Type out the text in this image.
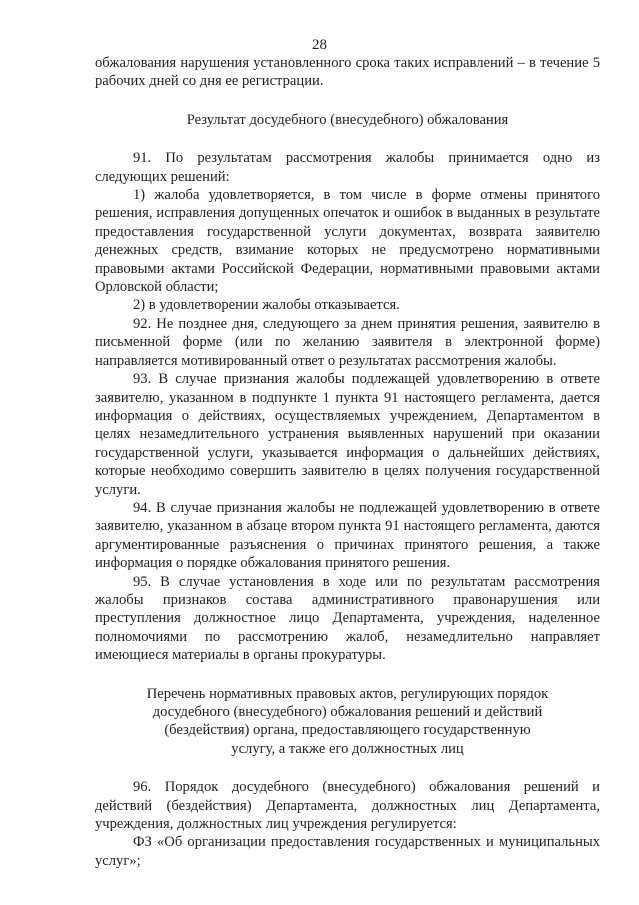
28

обжалования нарушения установленного срока таких исправлений – в течение 5 рабочих дней со дня ее регистрации.

Результат досудебного (внесудебного) обжалования

91. По результатам рассмотрения жалобы принимается одно из следующих решений:

1) жалоба удовлетворяется, в том числе в форме отмены принятого решения, исправления допущенных опечаток и ошибок в выданных в результате предоставления государственной услуги документах, возврата заявителю денежных средств, взимание которых не предусмотрено нормативными правовыми актами Российской Федерации, нормативными правовыми актами Орловской области;

2) в удовлетворении жалобы отказывается.

92. Не позднее дня, следующего за днем принятия решения, заявителю в письменной форме (или по желанию заявителя в электронной форме) направляется мотивированный ответ о результатах рассмотрения жалобы.

93. В случае признания жалобы подлежащей удовлетворению в ответе заявителю, указанном в подпункте 1 пункта 91 настоящего регламента, дается информация о действиях, осуществляемых учреждением, Департаментом в целях незамедлительного устранения выявленных нарушений при оказании государственной услуги, указывается информация о дальнейших действиях, которые необходимо совершить заявителю в целях получения государственной услуги.

94. В случае признания жалобы не подлежащей удовлетворению в ответе заявителю, указанном в абзаце втором пункта 91 настоящего регламента, даются аргументированные разъяснения о причинах принятого решения, а также информация о порядке обжалования принятого решения.

95. В случае установления в ходе или по результатам рассмотрения жалобы признаков состава административного правонарушения или преступления должностное лицо Департамента, учреждения, наделенное полномочиями по рассмотрению жалоб, незамедлительно направляет имеющиеся материалы в органы прокуратуры.

Перечень нормативных правовых актов, регулирующих порядок

досудебного (внесудебного) обжалования решений и действий

(бездействия) органа, предоставляющего государственную

услугу, а также его должностных лиц

96. Порядок досудебного (внесудебного) обжалования решений и действий (бездействия) Департамента, должностных лиц Департамента, учреждения, должностных лиц учреждения регулируется:

ФЗ «Об организации предоставления государственных и муниципальных услуг»;
